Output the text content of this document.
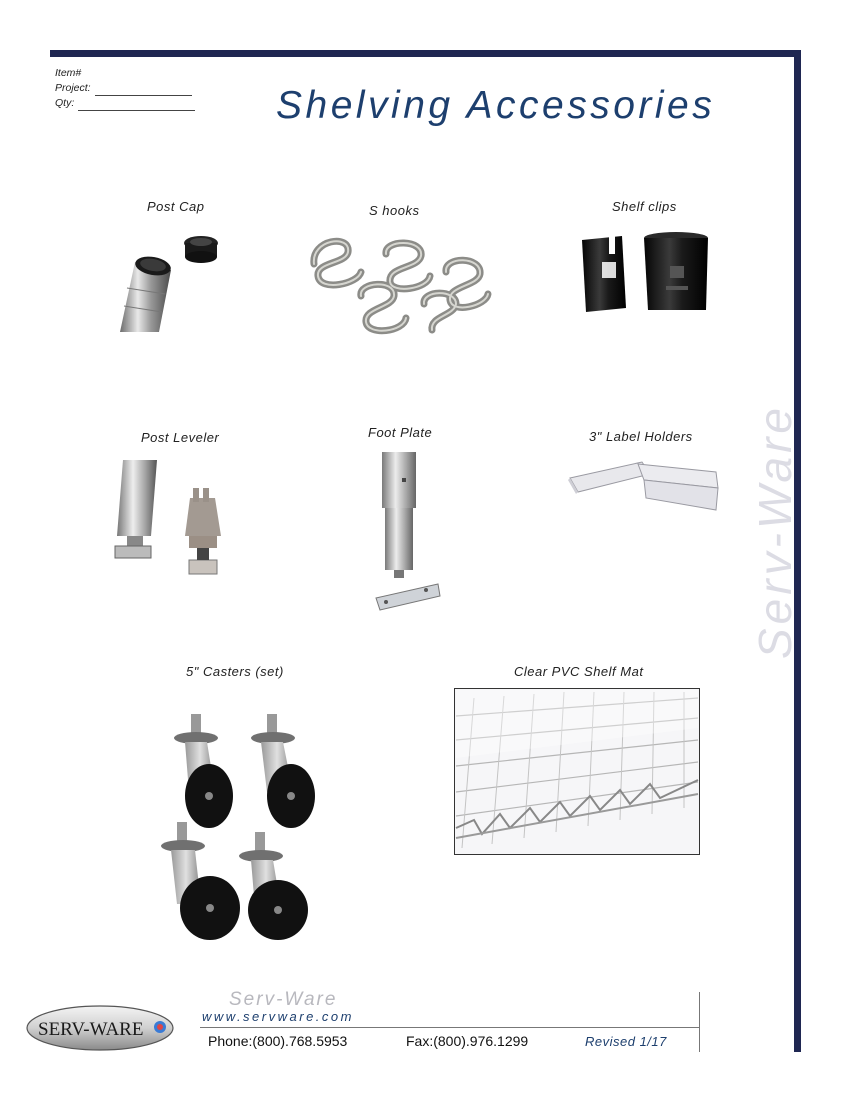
Item#
Project:
Qty:	Shelving Accessories
Serv-Ware
Post Cap	S hooks	Shelf clips
Post Leveler	Foot Plate	3" Label Holders
5" Casters (set)	Clear PVC Shelf Mat
SERV-WARE
Serv-Ware
www.servware.com
Phone:(800).768.5953	Fax:(800).976.1299	Revised 1/17
